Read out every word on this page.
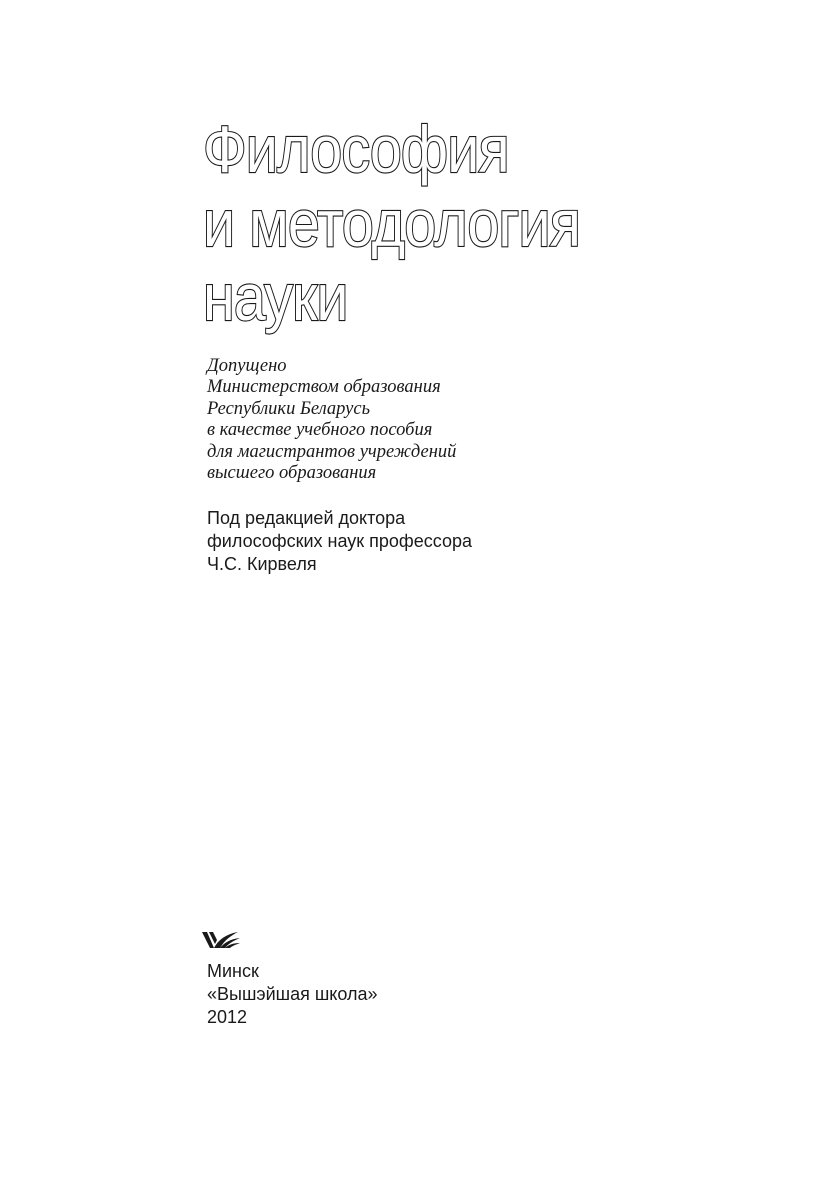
Философия
и методология
науки
Допущено
Министерством образования
Республики Беларусь
в качестве учебного пособия
для магистрантов учреждений
высшего образования
Под редакцией доктора
философских наук профессора
Ч.С. Кирвеля
Минск
«Вышэйшая школа»
2012
